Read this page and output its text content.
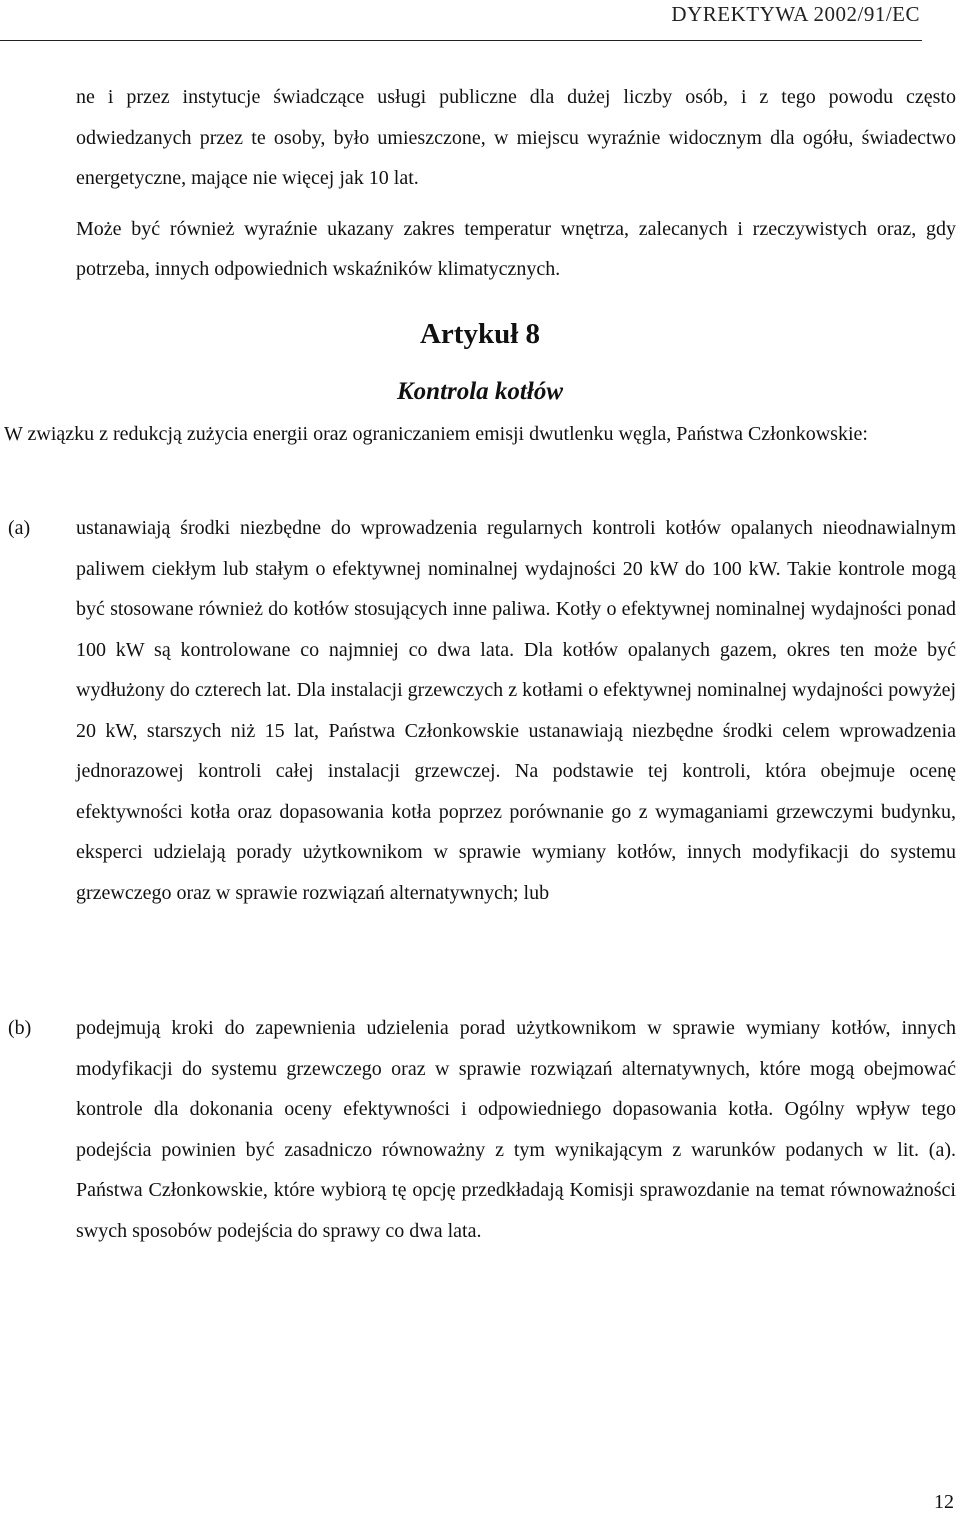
DYREKTYWA 2002/91/EC

ne i przez instytucje świadczące usługi publiczne dla dużej liczby osób, i z tego powodu często odwiedzanych przez te osoby, było umieszczone, w miejscu wyraźnie widocznym dla ogółu, świadectwo energetyczne, mające nie więcej jak 10 lat.

Może być również wyraźnie ukazany zakres temperatur wnętrza, zalecanych i rzeczywistych oraz, gdy potrzeba, innych odpowiednich wskaźników klimatycznych.

Artykuł 8
Kontrola kotłów
W związku z redukcją zużycia energii oraz ograniczaniem emisji dwutlenku węgla, Państwa Członkowskie:
(a) ustanawiają środki niezbędne do wprowadzenia regularnych kontroli kotłów opalanych nieodnawialnym paliwem ciekłym lub stałym o efektywnej nominalnej wydajności 20 kW do 100 kW. Takie kontrole mogą być stosowane również do kotłów stosujących inne paliwa. Kotły o efektywnej nominalnej wydajności ponad 100 kW są kontrolowane co najmniej co dwa lata. Dla kotłów opalanych gazem, okres ten może być wydłużony do czterech lat. Dla instalacji grzewczych z kotłami o efektywnej nominalnej wydajności powyżej 20 kW, starszych niż 15 lat, Państwa Członkowskie ustanawiają niezbędne środki celem wprowadzenia jednorazowej kontroli całej instalacji grzewczej. Na podstawie tej kontroli, która obejmuje ocenę efektywności kotła oraz dopasowania kotła poprzez porównanie go z wymaganiami grzewczymi budynku, eksperci udzielają porady użytkownikom w sprawie wymiany kotłów, innych modyfikacji do systemu grzewczego oraz w sprawie rozwiązań alternatywnych; lub
(b) podejmują kroki do zapewnienia udzielenia porad użytkownikom w sprawie wymiany kotłów, innych modyfikacji do systemu grzewczego oraz w sprawie rozwiązań alternatywnych, które mogą obejmować kontrole dla dokonania oceny efektywności i odpowiedniego dopasowania kotła. Ogólny wpływ tego podejścia powinien być zasadniczo równoważny z tym wynikającym z warunków podanych w lit. (a). Państwa Członkowskie, które wybiorą tę opcję przedkładają Komisji sprawozdanie na temat równoważności swych sposobów podejścia do sprawy co dwa lata.
12
